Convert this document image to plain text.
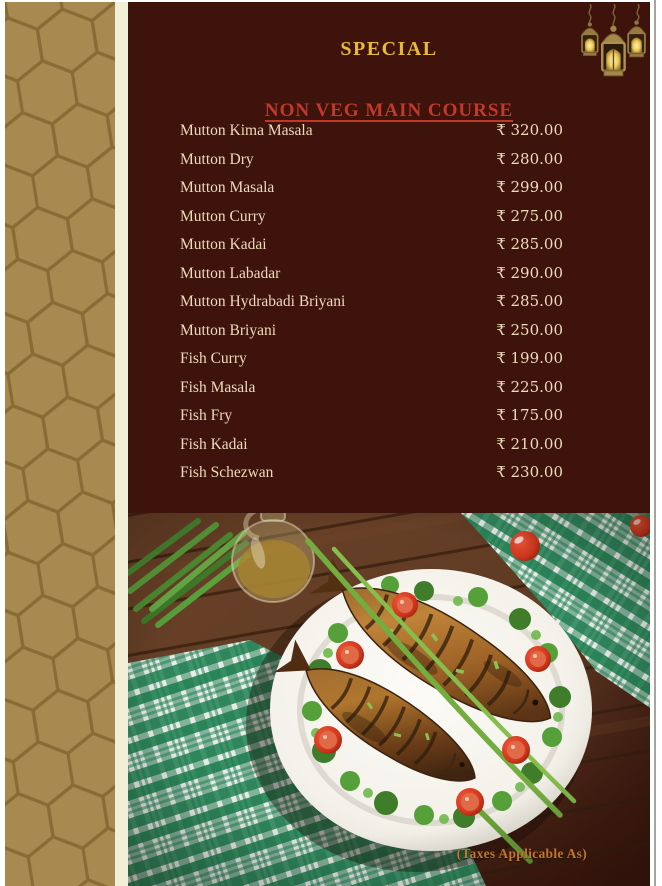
SPECIAL

NON VEG MAIN COURSE
Mutton Kima Masala	₹ 320.00
Mutton Dry	₹ 280.00
Mutton Masala	₹ 299.00
Mutton Curry	₹ 275.00
Mutton Kadai	₹ 285.00
Mutton Labadar	₹ 290.00
Mutton Hydrabadi Briyani	₹ 285.00
Mutton Briyani	₹ 250.00
Fish Curry	₹ 199.00
Fish Masala	₹ 225.00
Fish Fry	₹ 175.00
Fish Kadai	₹ 210.00
Fish Schezwan	₹ 230.00
(Taxes Applicable As)
